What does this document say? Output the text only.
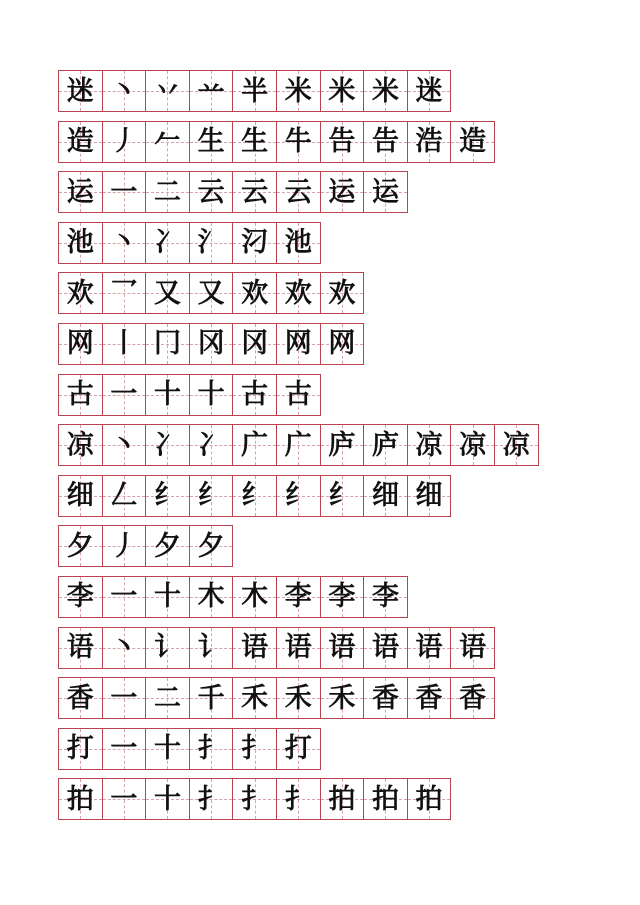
迷 丶 丷 䒑 半 米 米 米 迷
造 丿 𠂉 生 生 牛 告 告 浩 造
运 一 二 云 云 云 运 运
池 丶 冫 氵 汈 池
欢 乛 又 又 欢 欢 欢
网 丨 冂 冈 冈 网 网
古 一 十 十 古 古
凉 丶 冫 冫 广 广 庐 庐 凉 凉 凉
细 𠃋 纟 纟 纟 纟 纟 细 细
夕 丿 夕 夕
李 一 十 木 木 李 李 李
语 丶 讠 讠 语 语 语 语 语 语
香 一 二 千 禾 禾 禾 香 香 香
打 一 十 扌 扌 打
拍 一 十 扌 扌 扌 拍 拍 拍
